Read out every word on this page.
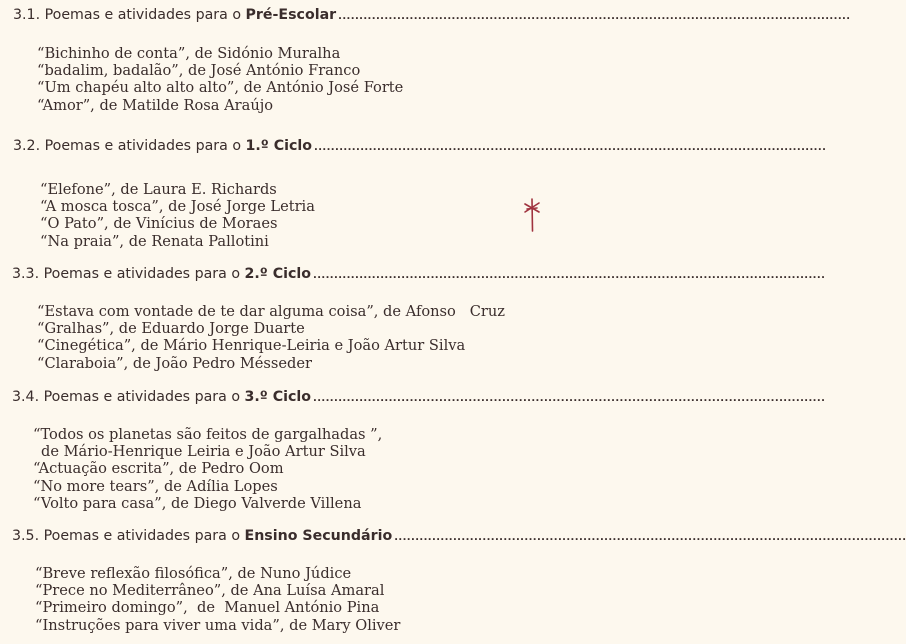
3.1. Poemas e atividades para o Pré-Escolar ..........................................................................................................................
“Bichinho de conta”, de Sidónio Muralha
“badalim, badalão”, de José António Franco
“Um chapéu alto alto alto”, de António José Forte
“Amor”, de Matilde Rosa Araújo
3.2. Poemas e atividades para o 1.º Ciclo ..........................................................................................................................
“Elefone”, de Laura E. Richards
“A mosca tosca”, de José Jorge Letria
“O Pato”, de Vinícius de Moraes
“Na praia”, de Renata Pallotini
3.3. Poemas e atividades para o 2.º Ciclo ..........................................................................................................................
“Estava com vontade de te dar alguma coisa”, de Afonso   Cruz
“Gralhas”, de Eduardo Jorge Duarte
“Cinegética”, de Mário Henrique-Leiria e João Artur Silva
“Claraboia”, de João Pedro Mésseder
3.4. Poemas e atividades para o 3.º Ciclo ..........................................................................................................................
“Todos os planetas são feitos de gargalhadas ”,
de Mário-Henrique Leiria e João Artur Silva
“Actuação escrita”, de Pedro Oom
“No more tears”, de Adília Lopes
“Volto para casa”, de Diego Valverde Villena
3.5. Poemas e atividades para o Ensino Secundário ..........................................................................................................................
“Breve reflexão filosófica”, de Nuno Júdice
“Prece no Mediterrâneo”, de Ana Luísa Amaral
“Primeiro domingo”,  de  Manuel António Pina
“Instruções para viver uma vida”, de Mary Oliver
